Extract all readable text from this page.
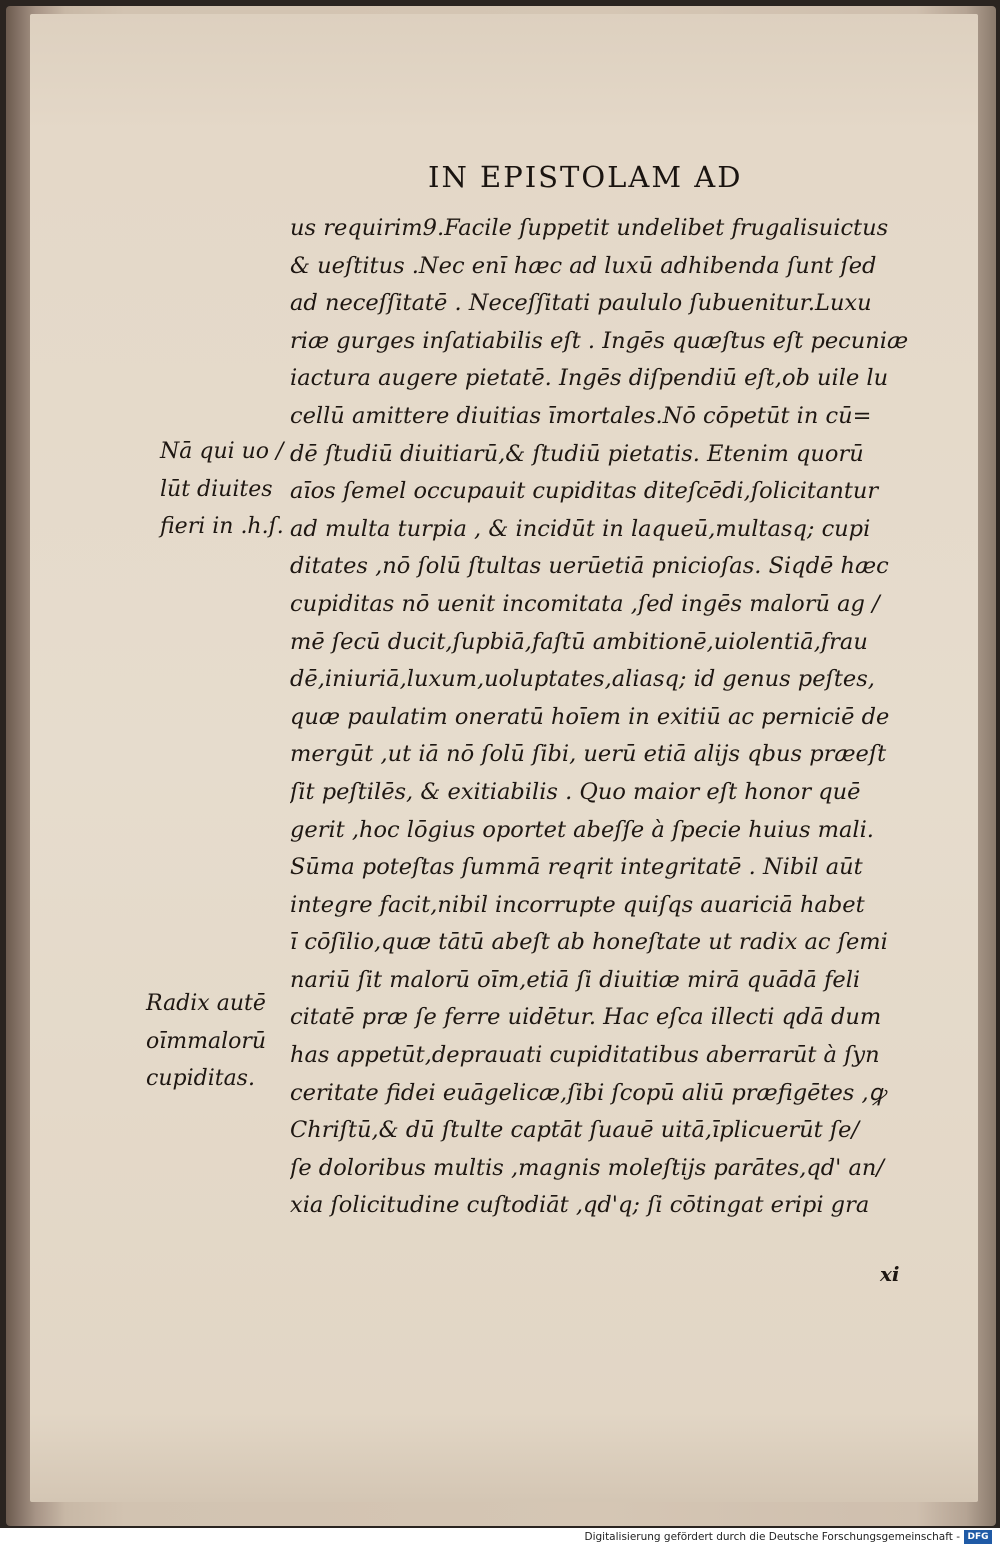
IN EPISTOLAM AD
us requirim9.Facile ſuppetit undelibet frugalisuictus
& ueſtitus .Nec enī hæc ad luxū adhibenda ſunt ſed
ad neceſſitatē . Neceſſitati paululo ſubuenitur.Luxu
riæ gurges inſatiabilis eſt . Ingēs quæſtus eſt pecuniæ
iactura augere pietatē. Ingēs diſpendiū eſt,ob uile lu
cellū amittere diuitias īmortales.Nō cōpetūt in cū=
dē ſtudiū diuitiarū,& ſtudiū pietatis. Etenim quorū
aīos ſemel occupauit cupiditas diteſcēdi,ſolicitantur
ad multa turpia , & incidūt in laqueū,multasq; cupi
ditates ,nō ſolū ſtultas uerūetiā pnicioſas. Siqdē hæc
cupiditas nō uenit incomitata ,ſed ingēs malorū ag /
mē ſecū ducit,ſupbiā,faſtū ambitionē,uiolentiā,frau
dē,iniuriā,luxum,uoluptates,aliasq; id genus peſtes,
quæ paulatim oneratū hoīem in exitiū ac perniciē de
mergūt ,ut iā nō ſolū ſibi, uerū etiā alijs qbus præeſt
ſit peſtilēs, & exitiabilis . Quo maior eſt honor quē
gerit ,hoc lōgius oportet abeſſe à ſpecie huius mali.
Sūma poteſtas ſummā reqrit integritatē . Nibil aūt
integre facit,nibil incorrupte quiſqs auariciā habet
ī cōſilio,quæ tātū abeſt ab honeſtate ut radix ac ſemi
nariū ſit malorū oīm,etiā ſi diuitiæ mirā quādā feli
citatē præ ſe ferre uidētur. Hac eſca illecti qdā dum
has appetūt,deprauati cupiditatibus aberrarūt à ſyn
ceritate fidei euāgelicæ,ſibi ſcopū aliū præfigētes ,ꝙ
Chriſtū,& dū ſtulte captāt ſuauē uitā,īplicuerūt ſe/
ſe doloribus multis ,magnis moleſtijs parātes,qd' an/
xia ſolicitudine cuſtodiāt ,qd'q; ſi cōtingat eripi gra
Nā qui uo /
lūt diuites
fieri in .h.ſ.
Radix autē
oīmmalorū
cupiditas.
xi
Digitalisierung gefördert durch die Deutsche Forschungsgemeinschaft - DFG
